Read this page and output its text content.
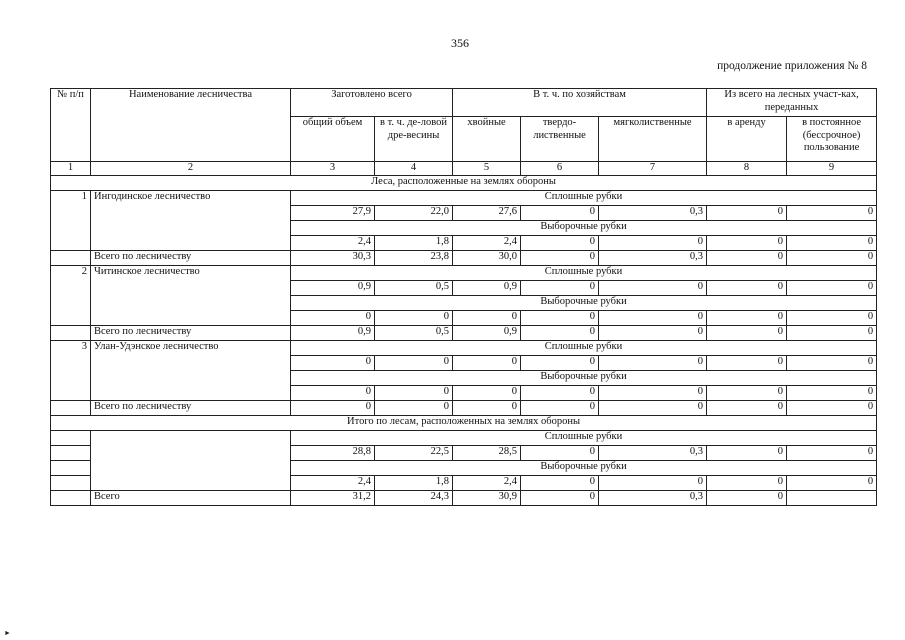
356
продолжение приложения № 8
№ п/п	Наименование лесничества	Заготовлено всего		В т. ч. по хозяйствам			Из всего на лесных участ-ках, переданных	
		общий объем	в т. ч. де-ловой дре-весины	хвойные	твердо-лиственные	мягколиственные	в аренду	в постоянное (бессрочное) пользование
1	2	3	4	5	6	7	8	9
Леса, расположенные на землях обороны								
1	Ингодинское лесничество	Сплошные рубки						
		27,9	22,0	27,6	0	0,3	0	0
		Выборочные рубки						
		2,4	1,8	2,4	0	0	0	0
	Всего по лесничеству	30,3	23,8	30,0	0	0,3	0	0
2	Читинское лесничество	Сплошные рубки						
		0,9	0,5	0,9	0	0	0	0
		Выборочные рубки						
		0	0	0	0	0	0	0
	Всего по лесничеству	0,9	0,5	0,9	0	0	0	0
3	Улан-Удэнское лесничество	Сплошные рубки						
		0	0	0	0	0	0	0
		Выборочные рубки						
		0	0	0	0	0	0	0
	Всего по лесничеству	0	0	0	0	0	0	0
Итого по лесам, расположенных на землях обороны								
		Сплошные рубки						
		28,8	22,5	28,5	0	0,3	0	0
		Выборочные рубки						
		2,4	1,8	2,4	0	0	0	0
	Всего	31,2	24,3	30,9	0	0,3	0	
►
